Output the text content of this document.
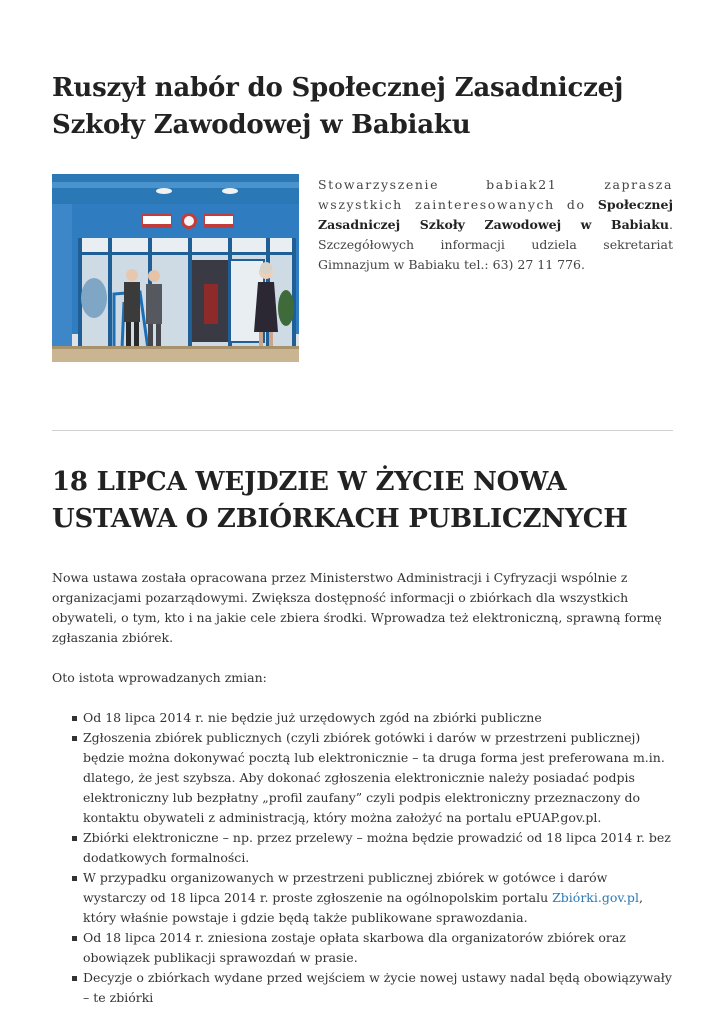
Ruszył nabór do Społecznej Zasadniczej
Szkoły Zawodowej w Babiaku

Stowarzyszenie babiak21 zaprasza wszystkich zainteresowanych do Społecznej Zasadniczej Szkoły Zawodowej w Babiaku. Szczegółowych informacji udziela sekretariat Gimnazjum w Babiaku tel.: 63) 27 11 776.

18 LIPCA WEJDZIE W ŻYCIE NOWA
USTAWA O ZBIÓRKACH PUBLICZNYCH

Nowa ustawa została opracowana przez Ministerstwo Administracji i Cyfryzacji wspólnie z organizacjami pozarządowymi. Zwiększa dostępność informacji o zbiórkach dla wszystkich obywateli, o tym, kto i na jakie cele zbiera środki. Wprowadza też elektroniczną, sprawną formę zgłaszania zbiórek.

Oto istota wprowadzanych zmian:

Od 18 lipca 2014 r. nie będzie już urzędowych zgód na zbiórki publiczne
Zgłoszenia zbiórek publicznych (czyli zbiórek gotówki i darów w przestrzeni publicznej) będzie można dokonywać pocztą lub elektronicznie – ta druga forma jest preferowana m.in. dlatego, że jest szybsza. Aby dokonać zgłoszenia elektronicznie należy posiadać podpis elektroniczny lub bezpłatny „profil zaufany” czyli podpis elektroniczny przeznaczony do kontaktu obywateli z administracją, który można założyć na portalu ePUAP.gov.pl.
Zbiórki elektroniczne – np. przez przelewy – można będzie prowadzić od 18 lipca 2014 r. bez dodatkowych formalności.
W przypadku organizowanych w przestrzeni publicznej zbiórek w gotówce i darów wystarczy od 18 lipca 2014 r. proste zgłoszenie na ogólnopolskim portalu Zbiórki.gov.pl, który właśnie powstaje i gdzie będą także publikowane sprawozdania.
Od 18 lipca 2014 r. zniesiona zostaje opłata skarbowa dla organizatorów zbiórek oraz obowiązek publikacji sprawozdań w prasie.
Decyzje o zbiórkach wydane przed wejściem w życie nowej ustawy nadal będą obowiązywały – te zbiórki
